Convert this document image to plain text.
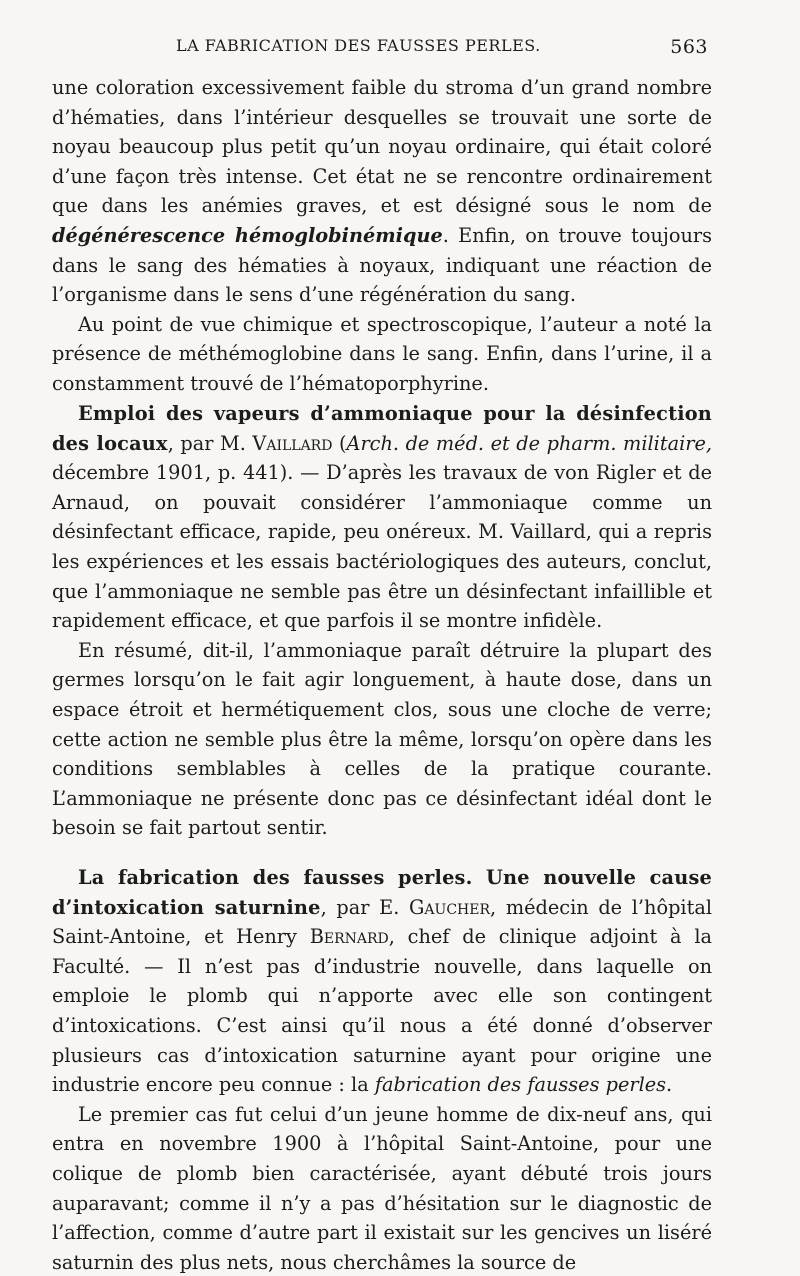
LA FABRICATION DES FAUSSES PERLES.	563

une coloration excessivement faible du stroma d’un grand nombre d’hématies, dans l’intérieur desquelles se trouvait une sorte de noyau beaucoup plus petit qu’un noyau ordinaire, qui était coloré d’une façon très intense. Cet état ne se rencontre ordinairement que dans les anémies graves, et est désigné sous le nom de dégénérescence hémoglobinémique. Enfin, on trouve toujours dans le sang des hématies à noyaux, indiquant une réaction de l’organisme dans le sens d’une régénération du sang.

Au point de vue chimique et spectroscopique, l’auteur a noté la présence de méthémoglobine dans le sang. Enfin, dans l’urine, il a constamment trouvé de l’hématoporphyrine.

Emploi des vapeurs d’ammoniaque pour la désinfection des locaux, par M. Vaillard (Arch. de méd. et de pharm. militaire, décembre 1901, p. 441). — D’après les travaux de von Rigler et de Arnaud, on pouvait considérer l’ammoniaque comme un désinfectant efficace, rapide, peu onéreux. M. Vaillard, qui a repris les expériences et les essais bactériologiques des auteurs, conclut, que l’ammoniaque ne semble pas être un désinfectant infaillible et rapidement efficace, et que parfois il se montre infidèle.

En résumé, dit-il, l’ammoniaque paraît détruire la plupart des germes lorsqu’on le fait agir longuement, à haute dose, dans un espace étroit et hermétiquement clos, sous une cloche de verre; cette action ne semble plus être la même, lorsqu’on opère dans les conditions semblables à celles de la pratique courante. L’ammoniaque ne présente donc pas ce désinfectant idéal dont le besoin se fait partout sentir.

La fabrication des fausses perles. Une nouvelle cause d’intoxication saturnine, par E. Gaucher, médecin de l’hôpital Saint-Antoine, et Henry Bernard, chef de clinique adjoint à la Faculté. — Il n’est pas d’industrie nouvelle, dans laquelle on emploie le plomb qui n’apporte avec elle son contingent d’intoxications. C’est ainsi qu’il nous a été donné d’observer plusieurs cas d’intoxication saturnine ayant pour origine une industrie encore peu connue : la fabrication des fausses perles.

Le premier cas fut celui d’un jeune homme de dix-neuf ans, qui entra en novembre 1900 à l’hôpital Saint-Antoine, pour une colique de plomb bien caractérisée, ayant débuté trois jours auparavant; comme il n’y a pas d’hésitation sur le diagnostic de l’affection, comme d’autre part il existait sur les gencives un liséré saturnin des plus nets, nous cherchâmes la source de
